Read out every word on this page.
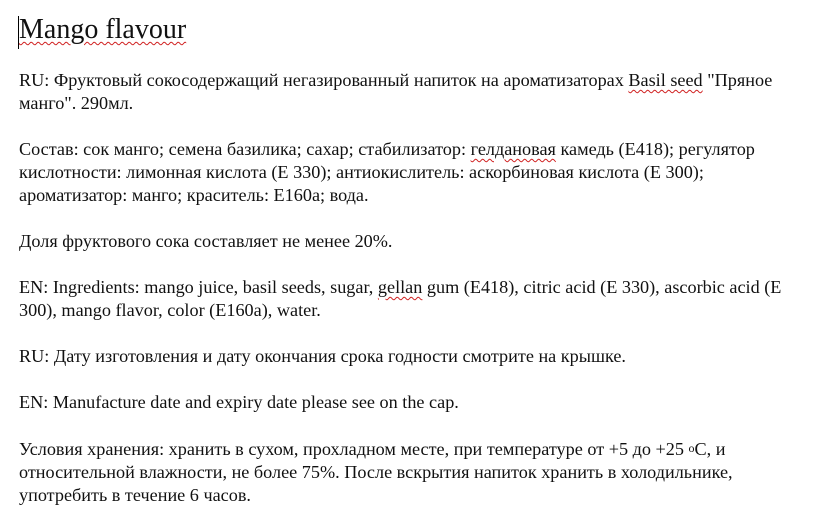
Mango flavour

RU: Фруктовый сокосодержащий негазированный напиток на ароматизаторах Basil seed "Пряное манго". 290мл.

Состав: сок манго; семена базилика; сахар; стабилизатор: гелдановая камедь (E418); регулятор кислотности: лимонная кислота (E 330); антиокислитель: аскорбиновая кислота (E 300); ароматизатор: манго; краситель: E160a; вода.

Доля фруктового сока составляет не менее 20%.

EN: Ingredients: mango juice, basil seeds, sugar, gellan gum (E418), citric acid (E 330), ascorbic acid (E 300), mango flavor, color (E160a), water.

RU: Дату изготовления и дату окончания срока годности смотрите на крышке.

EN: Manufacture date and expiry date please see on the cap.

Условия хранения: хранить в сухом, прохладном месте, при температуре от +5 до +25 oC, и относительной влажности, не более 75%. После вскрытия напиток хранить в холодильнике, употребить в течение 6 часов.
